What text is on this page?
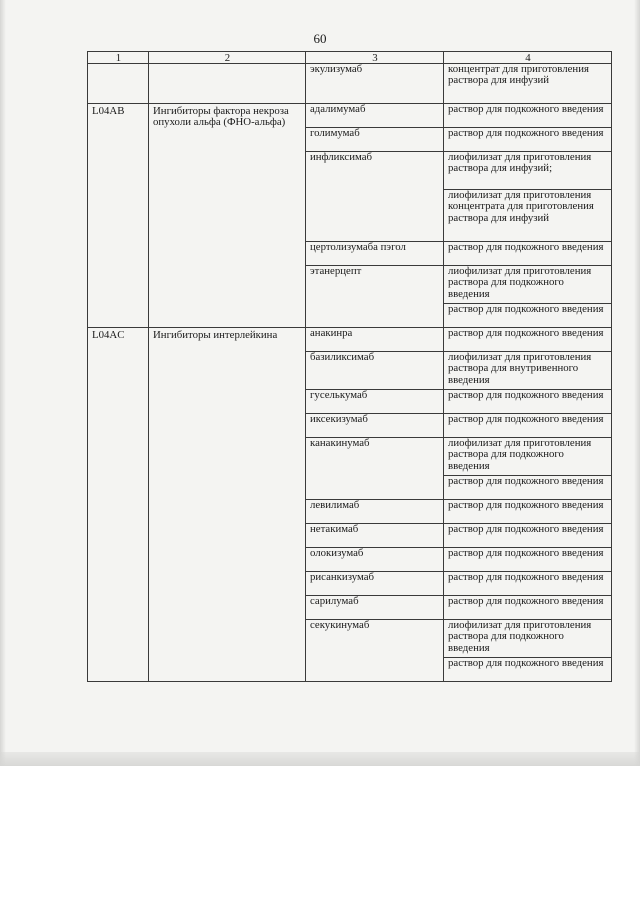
60
1	2	3	4
		экулизумаб	концентрат для приготовления раствора для инфузий
L04AB	Ингибиторы фактора некроза опухоли альфа (ФНО-альфа)	адалимумаб	раствор для подкожного введения
		голимумаб	раствор для подкожного введения
		инфликсимаб	лиофилизат для приготовления раствора для инфузий;
			лиофилизат для приготовления концентрата для приготовления раствора для инфузий
		цертолизумаба пэгол	раствор для подкожного введения
		этанерцепт	лиофилизат для приготовления раствора для подкожного введения
			раствор для подкожного введения
L04AC	Ингибиторы интерлейкина	анакинра	раствор для подкожного введения
		базиликсимаб	лиофилизат для приготовления раствора для внутривенного введения
		гуселькумаб	раствор для подкожного введения
		иксекизумаб	раствор для подкожного введения
		канакинумаб	лиофилизат для приготовления раствора для подкожного введения
			раствор для подкожного введения
		левилимаб	раствор для подкожного введения
		нетакимаб	раствор для подкожного введения
		олокизумаб	раствор для подкожного введения
		рисанкизумаб	раствор для подкожного введения
		сарилумаб	раствор для подкожного введения
		секукинумаб	лиофилизат для приготовления раствора для подкожного введения
			раствор для подкожного введения
